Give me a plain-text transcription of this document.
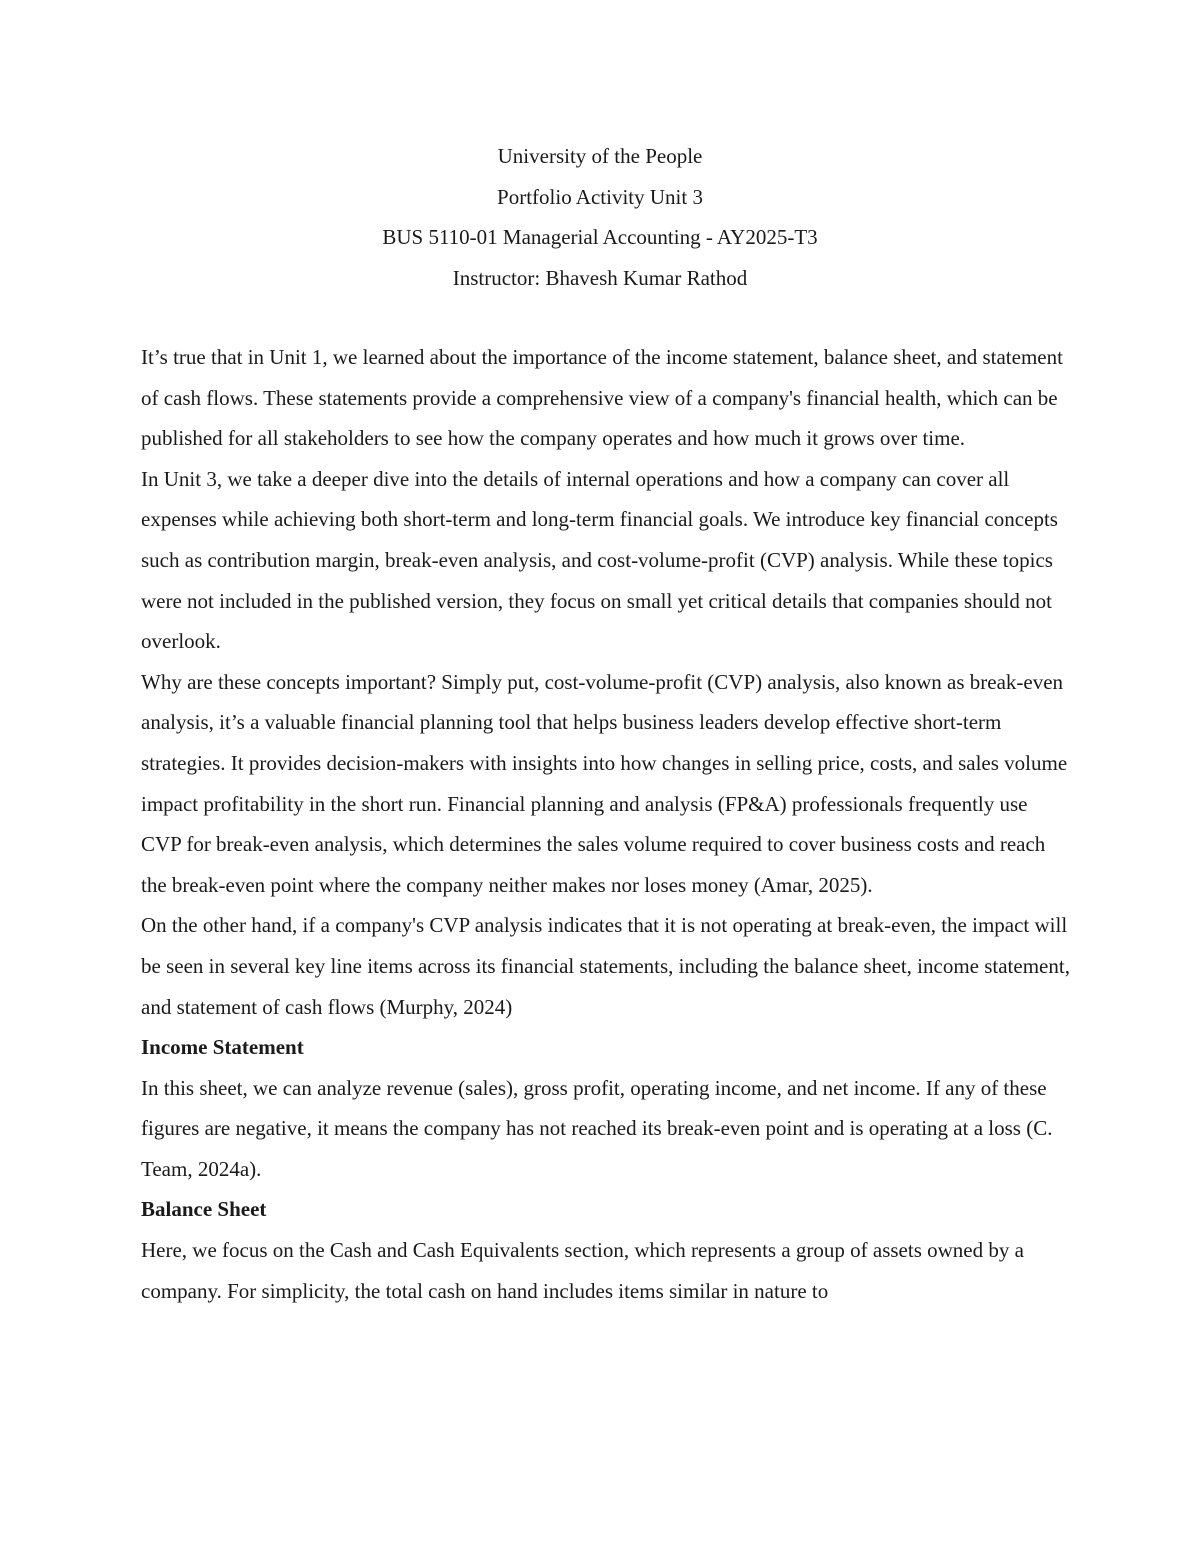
University of the People
Portfolio Activity Unit 3
BUS 5110-01 Managerial Accounting - AY2025-T3
Instructor: Bhavesh Kumar Rathod

It’s true that in Unit 1, we learned about the importance of the income statement, balance sheet, and statement of cash flows. These statements provide a comprehensive view of a company's financial health, which can be published for all stakeholders to see how the company operates and how much it grows over time.

In Unit 3, we take a deeper dive into the details of internal operations and how a company can cover all expenses while achieving both short-term and long-term financial goals. We introduce key financial concepts such as contribution margin, break-even analysis, and cost-volume-profit (CVP) analysis. While these topics were not included in the published version, they focus on small yet critical details that companies should not overlook.

Why are these concepts important? Simply put, cost-volume-profit (CVP) analysis, also known as break-even analysis, it’s a valuable financial planning tool that helps business leaders develop effective short-term strategies. It provides decision-makers with insights into how changes in selling price, costs, and sales volume impact profitability in the short run. Financial planning and analysis (FP&A) professionals frequently use CVP for break-even analysis, which determines the sales volume required to cover business costs and reach the break-even point where the company neither makes nor loses money (Amar, 2025).

On the other hand, if a company's CVP analysis indicates that it is not operating at break-even, the impact will be seen in several key line items across its financial statements, including the balance sheet, income statement, and statement of cash flows (Murphy, 2024)

Income Statement

In this sheet, we can analyze revenue (sales), gross profit, operating income, and net income. If any of these figures are negative, it means the company has not reached its break-even point and is operating at a loss (C. Team, 2024a).

Balance Sheet

Here, we focus on the Cash and Cash Equivalents section, which represents a group of assets owned by a company. For simplicity, the total cash on hand includes items similar in nature to
